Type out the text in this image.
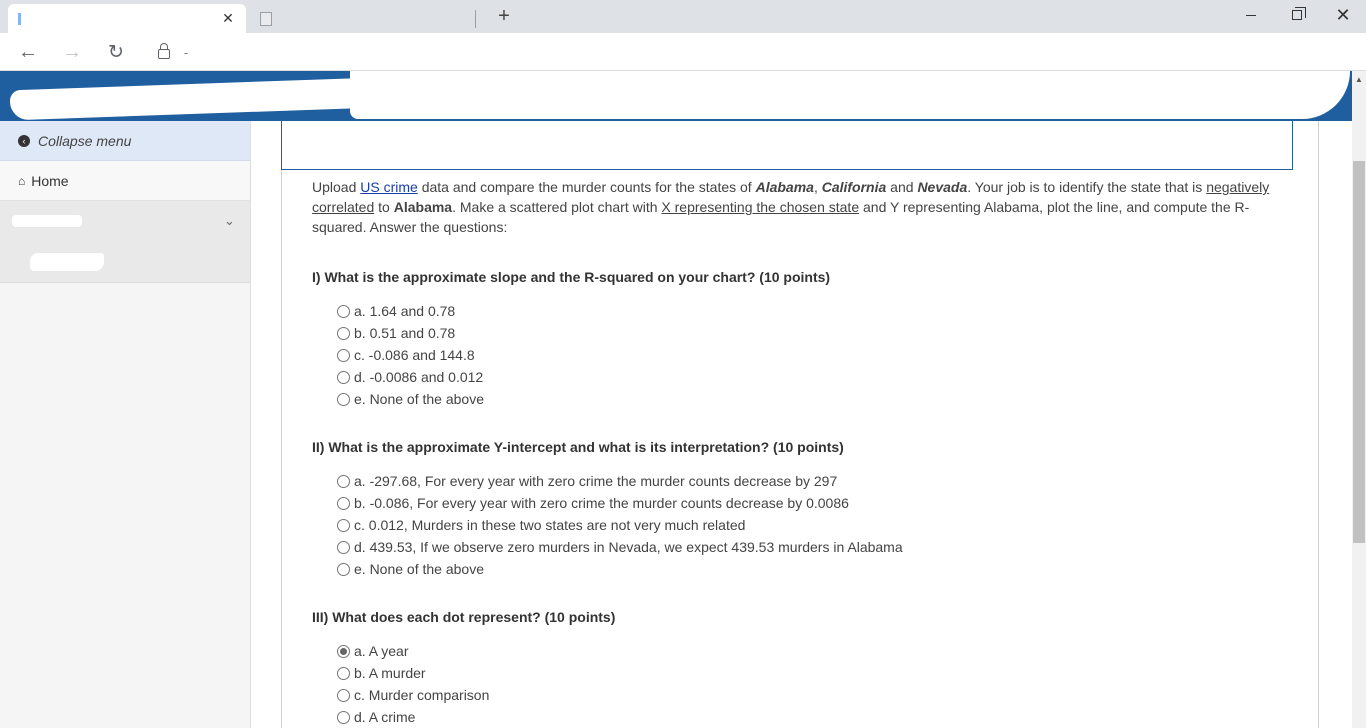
✕	+	✕
← →	↻	-
▲
‹ Collapse menu
⌂ Home
⌄
Upload US crime data and compare the murder counts for the states of Alabama, California and Nevada. Your job is to identify the state that is negatively correlated to Alabama. Make a scattered plot chart with X representing the chosen state and Y representing Alabama, plot the line, and compute the R-squared. Answer the questions:
I) What is the approximate slope and the R-squared on your chart? (10 points)
a. 1.64 and 0.78
b. 0.51 and 0.78
c. -0.086 and 144.8
d. -0.0086 and 0.012
e. None of the above
II) What is the approximate Y-intercept and what is its interpretation? (10 points)
a. -297.68, For every year with zero crime the murder counts decrease by 297
b. -0.086, For every year with zero crime the murder counts decrease by 0.0086
c. 0.012, Murders in these two states are not very much related
d. 439.53, If we observe zero murders in Nevada, we expect 439.53 murders in Alabama
e. None of the above
III) What does each dot represent? (10 points)
a. A year
b. A murder
c. Murder comparison
d. A crime
